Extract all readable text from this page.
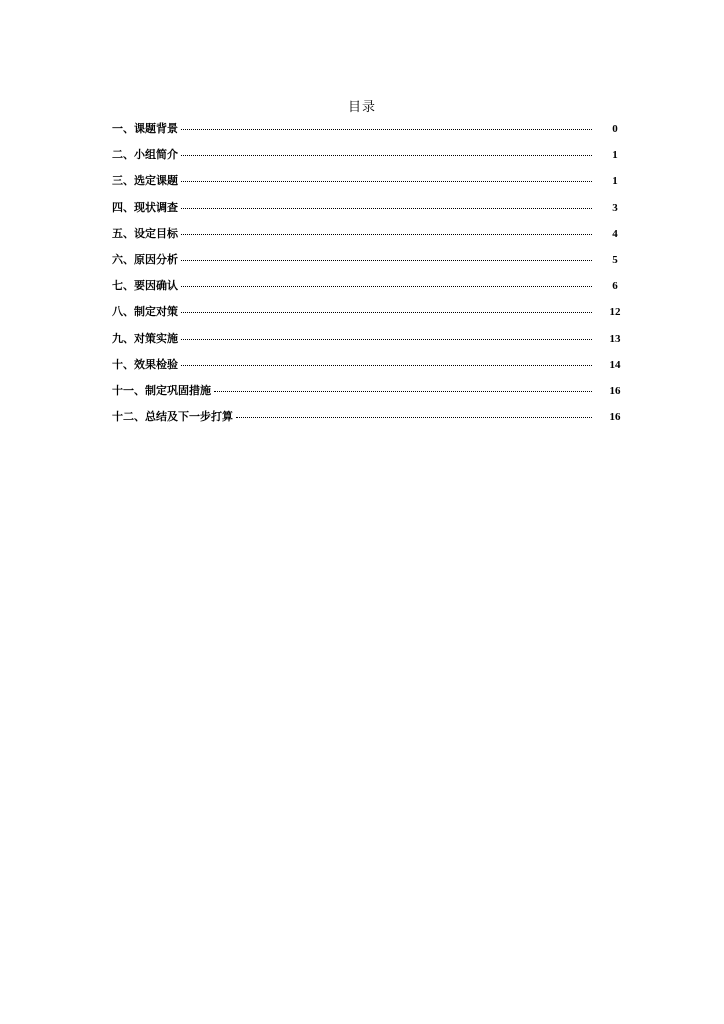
目录
一、课题背景	0
二、小组简介	1
三、选定课题	1
四、现状调查	3
五、设定目标	4
六、原因分析	5
七、要因确认	6
八、制定对策	12
九、对策实施	13
十、效果检验	14
十一、制定巩固措施	16
十二、总结及下一步打算	16
